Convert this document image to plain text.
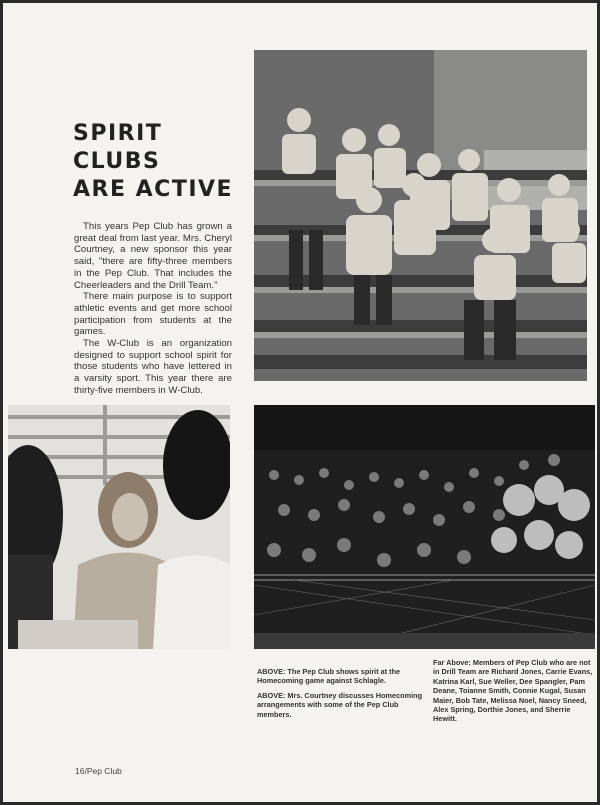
SPIRIT
CLUBS
ARE ACTIVE

This years Pep Club has grown a great deal from last year. Mrs. Cheryl Courtney, a new sponsor this year said, "there are fifty-three members in the Pep Club. That includes the Cheerleaders and the Drill Team."

There main purpose is to support athletic events and get more school participation from students at the games.

The W-Club is an organization designed to support school spirit for those students who have lettered in a varsity sport. This year there are thirty-five members in W-Club.

ABOVE: The Pep Club shows spirit at the Homecoming game against Schlagle.
ABOVE: Mrs. Courtney discusses Homecoming arrangements with some of the Pep Club members.
Far Above: Members of Pep Club who are not in Drill Team are Richard Jones, Carrie Evans, Katrina Karl, Sue Weller, Dee Spangler, Pam Deane, Toianne Smith, Connie Kugal, Susan Maier, Bob Tate, Melissa Noel, Nancy Sneed, Alex Spring, Dorthie Jones, and Sherrie Hewitt.
16/Pep Club
